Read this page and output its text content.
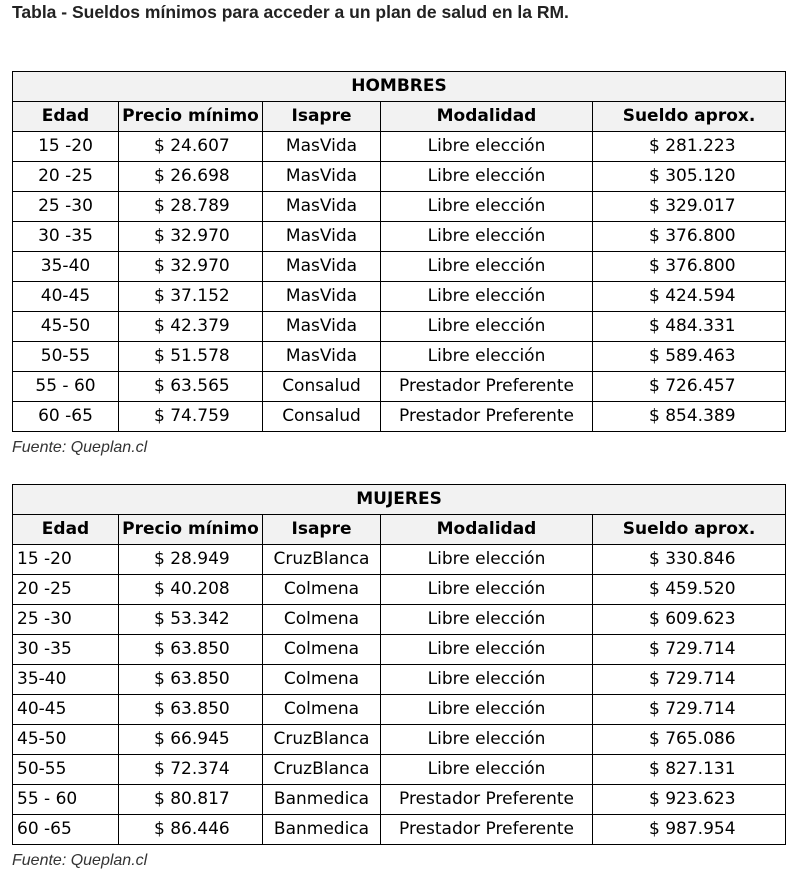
Tabla - Sueldos mínimos para acceder a un plan de salud en la RM.
HOMBRES				
Edad	Precio mínimo	Isapre	Modalidad	Sueldo aprox.
15 -20	$ 24.607	MasVida	Libre elección	$ 281.223
20 -25	$ 26.698	MasVida	Libre elección	$ 305.120
25 -30	$ 28.789	MasVida	Libre elección	$ 329.017
30 -35	$ 32.970	MasVida	Libre elección	$ 376.800
35-40	$ 32.970	MasVida	Libre elección	$ 376.800
40-45	$ 37.152	MasVida	Libre elección	$ 424.594
45-50	$ 42.379	MasVida	Libre elección	$ 484.331
50-55	$ 51.578	MasVida	Libre elección	$ 589.463
55 - 60	$ 63.565	Consalud	Prestador Preferente	$ 726.457
60 -65	$ 74.759	Consalud	Prestador Preferente	$ 854.389
Fuente: Queplan.cl
MUJERES				
Edad	Precio mínimo	Isapre	Modalidad	Sueldo aprox.
15 -20	$ 28.949	CruzBlanca	Libre elección	$ 330.846
20 -25	$ 40.208	Colmena	Libre elección	$ 459.520
25 -30	$ 53.342	Colmena	Libre elección	$ 609.623
30 -35	$ 63.850	Colmena	Libre elección	$ 729.714
35-40	$ 63.850	Colmena	Libre elección	$ 729.714
40-45	$ 63.850	Colmena	Libre elección	$ 729.714
45-50	$ 66.945	CruzBlanca	Libre elección	$ 765.086
50-55	$ 72.374	CruzBlanca	Libre elección	$ 827.131
55 - 60	$ 80.817	Banmedica	Prestador Preferente	$ 923.623
60 -65	$ 86.446	Banmedica	Prestador Preferente	$ 987.954
Fuente: Queplan.cl
